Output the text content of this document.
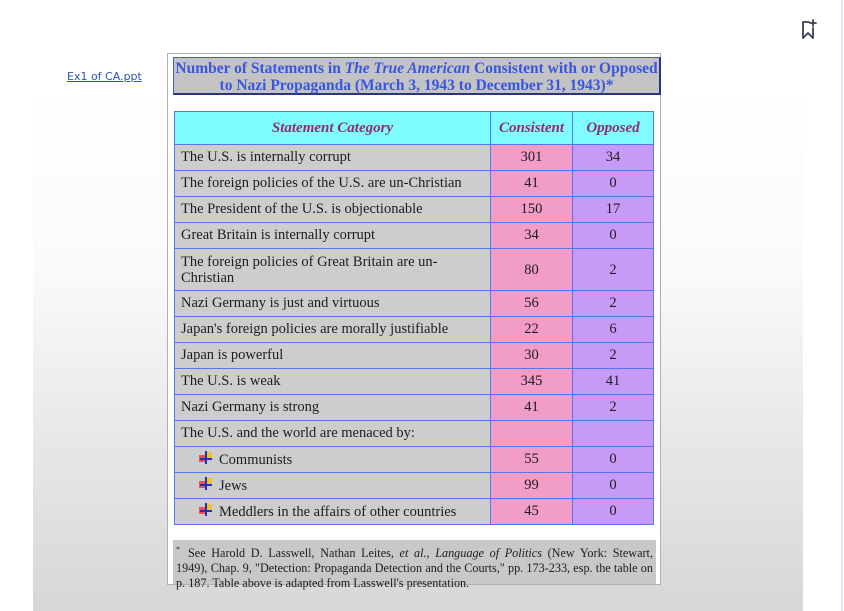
Ex1 of CA.ppt Number of Statements in The True American Consistent with or Opposed to Nazi Propaganda (March 3, 1943 to December 31, 1943)*
Statement Category	Consistent	Opposed
The U.S. is internally corrupt	301	34
The foreign policies of the U.S. are un-Christian	41	0
The President of the U.S. is objectionable	150	17
Great Britain is internally corrupt	34	0
The foreign policies of Great Britain are un-Christian	80	2
Nazi Germany is just and virtuous	56	2
Japan's foreign policies are morally justifiable	22	6
Japan is powerful	30	2
The U.S. is weak	345	41
Nazi Germany is strong	41	2
The U.S. and the world are menaced by:		

Communists	55	0

Jews	99	0

Meddlers in the affairs of other countries	45	0
* See Harold D. Lasswell, Nathan Leites, et al., Language of Politics (New York: Stewart, 1949), Chap. 9, "Detection: Propaganda Detection and the Courts," pp. 173-233, esp. the table on p. 187. Table above is adapted from Lasswell's presentation.
